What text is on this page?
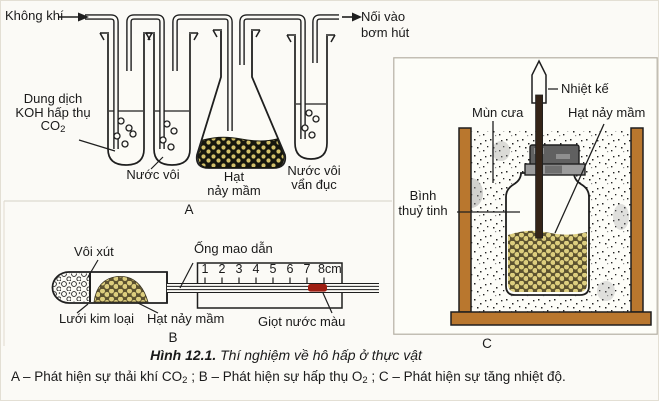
Không khí	Nối vào
bơm hút
Dung dịch
KOH hấp thụ
$CO_2$
Nước vôi	Hạt
nảy mầm
Nước vôi
vẩn đục
A
Vôi xút	Ống mao dẫn
1 2 3 4 5 6 7 8cm
Lưới kim loại Hạt nảy mầm	Giọt nước màu
B
Nhiệt kế
Mùn cưa	Hạt nảy mầm
Bình
thuỷ tinh
C
Hình 12.1. Thí nghiệm về hô hấp ở thực vật
A – Phát hiện sự thải khí $CO_2$ ; B – Phát hiện sự hấp thụ $O_2$ ; C – Phát hiện sự tăng nhiệt độ.
